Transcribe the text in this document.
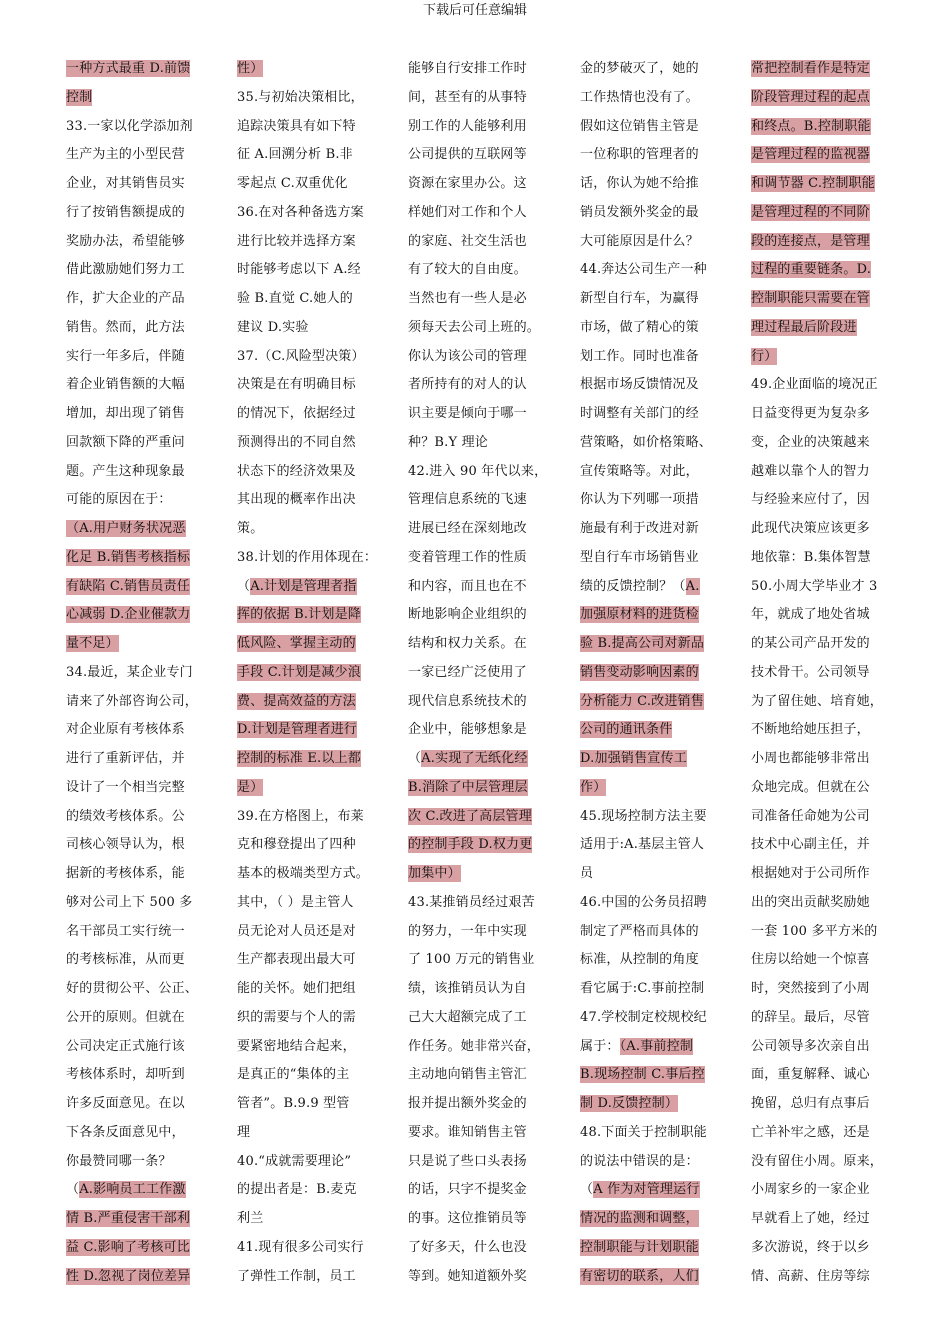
下载后可任意编辑
一种方式最重 D.前馈
控制
33.一家以化学添加剂
生产为主的小型民营
企业，对其销售员实
行了按销售额提成的
奖励办法，希望能够
借此激励她们努力工
作，扩大企业的产品
销售。然而，此方法
实行一年多后，伴随
着企业销售额的大幅
增加，却出现了销售
回款额下降的严重问
题。产生这种现象最
可能的原因在于：
（A.用户财务状况恶
化足 B.销售考核指标
有缺陷 C.销售员责任
心减弱 D.企业催款力
量不足）
34.最近，某企业专门
请来了外部咨询公司，
对企业原有考核体系
进行了重新评估，并
设计了一个相当完整
的绩效考核体系。公
司核心领导认为，根
据新的考核体系，能
够对公司上下 500 多
名干部员工实行统一
的考核标准，从而更
好的贯彻公平、公正、
公开的原则。但就在
公司决定正式施行该
考核体系时，却听到
许多反面意见。在以
下各条反面意见中，
你最赞同哪一条？
（A.影响员工工作激
情 B.严重侵害干部利
益 C.影响了考核可比
性 D.忽视了岗位差异
性）
35.与初始决策相比，
追踪决策具有如下特
征 A.回溯分析 B.非
零起点 C.双重优化
36.在对各种备选方案
进行比较并选择方案
时能够考虑以下 A.经
验 B.直觉 C.她人的
建议 D.实验
37.（C.风险型决策）
决策是在有明确目标
的情况下，依据经过
预测得出的不同自然
状态下的经济效果及
其出现的概率作出决
策。
38.计划的作用体现在：
（A.计划是管理者指
挥的依据 B.计划是降
低风险、掌握主动的
手段 C.计划是减少浪
费、提高效益的方法
D.计划是管理者进行
控制的标准 E.以上都
是）
39.在方格图上，布莱
克和穆登提出了四种
基本的极端类型方式。
其中，（ ）是主管人
员无论对人员还是对
生产都表现出最大可
能的关怀。她们把组
织的需要与个人的需
要紧密地结合起来，
是真正的“集体的主
管者”。B.9.9 型管
理
40.“成就需要理论”
的提出者是：B.麦克
利兰
41.现有很多公司实行
了弹性工作制，员工
能够自行安排工作时
间，甚至有的从事特
别工作的人能够利用
公司提供的互联网等
资源在家里办公。这
样她们对工作和个人
的家庭、社交生活也
有了较大的自由度。
当然也有一些人是必
须每天去公司上班的。
你认为该公司的管理
者所持有的对人的认
识主要是倾向于哪一
种？B.Y 理论
42.进入 90 年代以来，
管理信息系统的飞速
进展已经在深刻地改
变着管理工作的性质
和内容，而且也在不
断地影响企业组织的
结构和权力关系。在
一家已经广泛使用了
现代信息系统技术的
企业中，能够想象是
（A.实现了无纸化经
B.消除了中层管理层
次 C.改进了高层管理
的控制手段 D.权力更
加集中）
43.某推销员经过艰苦
的努力，一年中实现
了 100 万元的销售业
绩，该推销员认为自
己大大超额完成了工
作任务。她非常兴奋，
主动地向销售主管汇
报并提出额外奖金的
要求。谁知销售主管
只是说了些口头表扬
的话，只字不提奖金
的事。这位推销员等
了好多天，什么也没
等到。她知道额外奖
金的梦破灭了，她的
工作热情也没有了。
假如这位销售主管是
一位称职的管理者的
话，你认为她不给推
销员发额外奖金的最
大可能原因是什么？
44.奔达公司生产一种
新型自行车，为赢得
市场，做了精心的策
划工作。同时也准备
根据市场反馈情况及
时调整有关部门的经
营策略，如价格策略、
宣传策略等。对此，
你认为下列哪一项措
施最有利于改进对新
型自行车市场销售业
绩的反馈控制？（A.
加强原材料的进货检
验 B.提高公司对新品
销售变动影响因素的
分析能力 C.改进销售
公司的通讯条件
D.加强销售宣传工
作）
45.现场控制方法主要
适用于:A.基层主管人
员
46.中国的公务员招聘
制定了严格而具体的
标准，从控制的角度
看它属于:C.事前控制
47.学校制定校规校纪
属于：（A.事前控制
B.现场控制 C.事后控
制 D.反馈控制）
48.下面关于控制职能
的说法中错误的是：
（A 作为对管理运行
情况的监测和调整，
控制职能与计划职能
有密切的联系，人们
常把控制看作是特定
阶段管理过程的起点
和终点。B.控制职能
是管理过程的监视器
和调节器 C.控制职能
是管理过程的不同阶
段的连接点，是管理
过程的重要链条。D.
控制职能只需要在管
理过程最后阶段进
行）
49.企业面临的境况正
日益变得更为复杂多
变，企业的决策越来
越难以靠个人的智力
与经验来应付了，因
此现代决策应该更多
地依靠：B.集体智慧
50.小周大学毕业才 3
年，就成了地处省城
的某公司产品开发的
技术骨干。公司领导
为了留住她、培育她，
不断地给她压担子，
小周也都能够非常出
众地完成。但就在公
司准备任命她为公司
技术中心副主任，并
根据她对于公司所作
出的突出贡献奖励她
一套 100 多平方米的
住房以给她一个惊喜
时，突然接到了小周
的辞呈。最后，尽管
公司领导多次亲自出
面，重复解释、诚心
挽留，总归有点事后
亡羊补牢之感，还是
没有留住小周。原来，
小周家乡的一家企业
早就看上了她，经过
多次游说，终于以乡
情、高薪、住房等综
